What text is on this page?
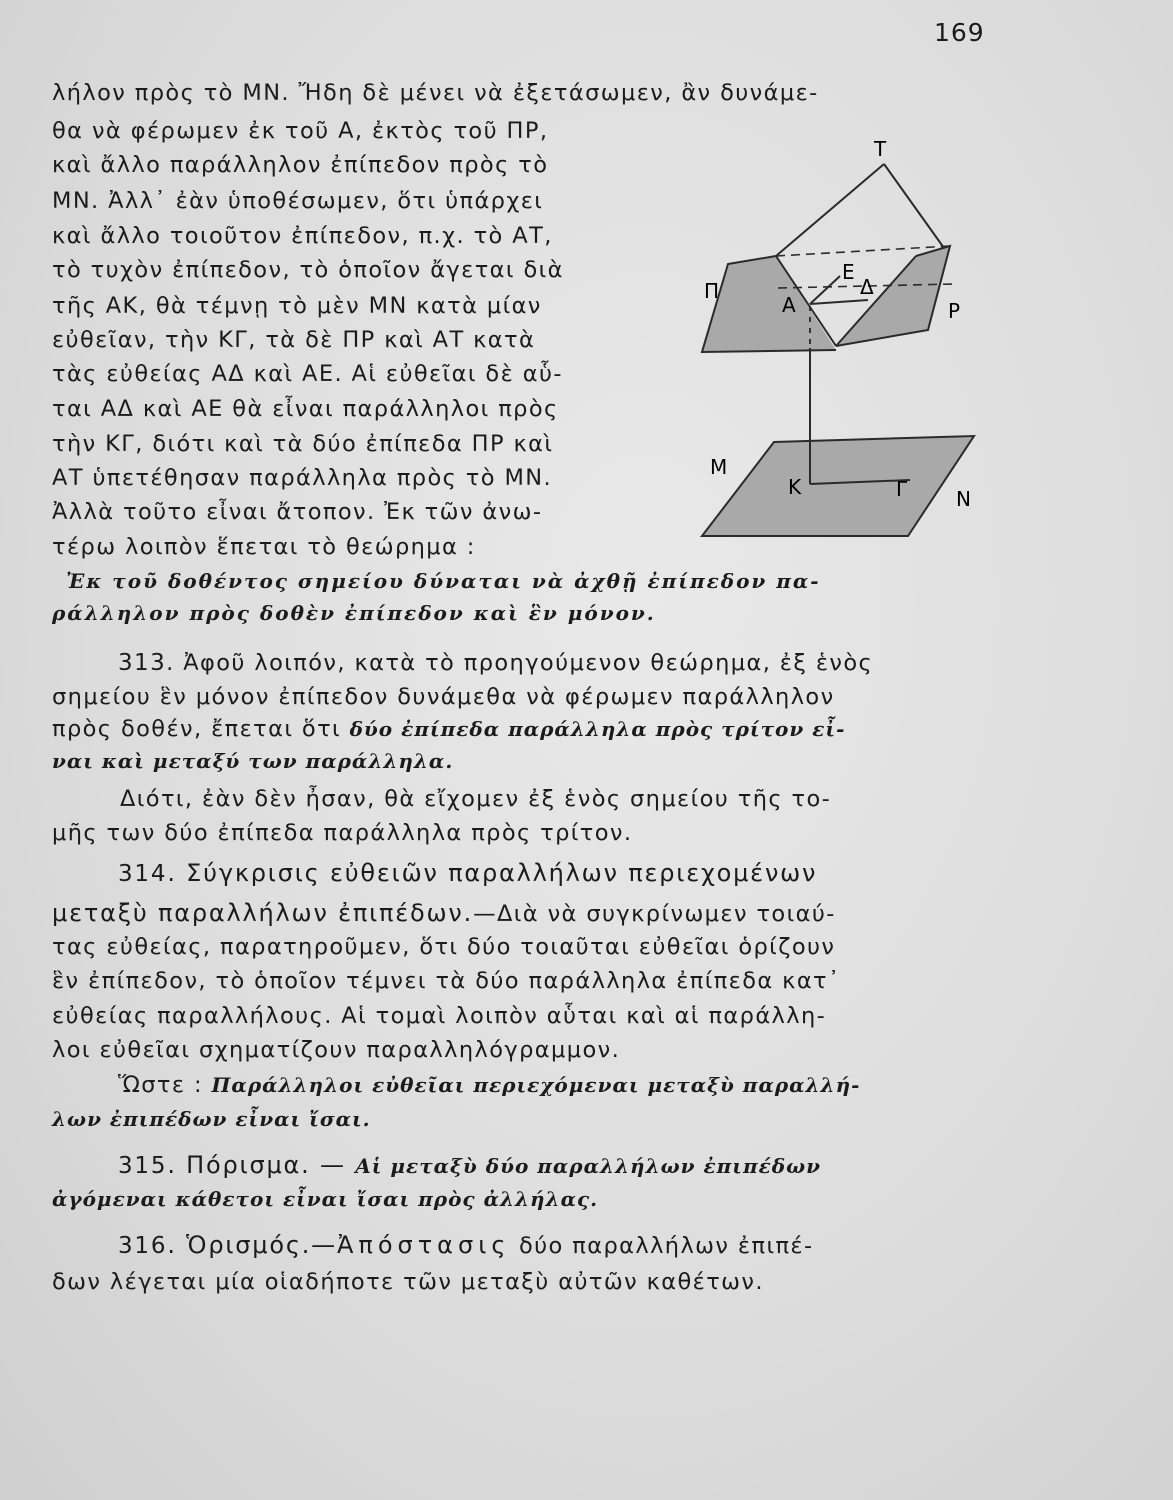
169
λήλον πρὸς τὸ ΜΝ. Ἤδη δὲ μένει νὰ ἐξετάσωμεν, ἂν δυνάμε-
θα νὰ φέρωμεν ἐκ τοῦ Α, ἐκτὸς τοῦ ΠΡ,
καὶ ἄλλο παράλληλον ἐπίπεδον πρὸς τὸ
ΜΝ. Ἀλλ᾽ ἐὰν ὑποθέσωμεν, ὅτι ὑπάρχει
καὶ ἄλλο τοιοῦτον ἐπίπεδον, π.χ. τὸ ΑΤ,
τὸ τυχὸν ἐπίπεδον, τὸ ὁποῖον ἄγεται διὰ
τῆς ΑΚ, θὰ τέμνῃ τὸ μὲν ΜΝ κατὰ μίαν
εὐθεῖαν, τὴν ΚΓ, τὰ δὲ ΠΡ καὶ ΑΤ κατὰ
τὰς εὐθείας ΑΔ καὶ ΑΕ. Αἱ εὐθεῖαι δὲ αὗ-
ται ΑΔ καὶ ΑΕ θὰ εἶναι παράλληλοι πρὸς
τὴν ΚΓ, διότι καὶ τὰ δύο ἐπίπεδα ΠΡ καὶ
ΑΤ ὑπετέθησαν παράλληλα πρὸς τὸ ΜΝ.
Ἀλλὰ τοῦτο εἶναι ἄτοπον. Ἐκ τῶν ἀνω-
τέρω λοιπὸν ἕπεται τὸ θεώρημα :
Ἐκ τοῦ δοθέντος σημείου δύναται νὰ ἀχθῇ ἐπίπεδον πα-
ράλληλον πρὸς δοθὲν ἐπίπεδον καὶ ἓν μόνον.
313. Ἀφοῦ λοιπόν, κατὰ τὸ προηγούμενον θεώρημα, ἐξ ἑνὸς
σημείου ἓν μόνον ἐπίπεδον δυνάμεθα νὰ φέρωμεν παράλληλον
πρὸς δοθέν, ἔπεται ὅτι δύο ἐπίπεδα παράλληλα πρὸς τρίτον εἶ-
ναι καὶ μεταξύ των παράλληλα.
Διότι, ἐὰν δὲν ἦσαν, θὰ εἴχομεν ἐξ ἑνὸς σημείου τῆς το-
μῆς των δύο ἐπίπεδα παράλληλα πρὸς τρίτον.
314. Σύγκρισις εὐθειῶν παραλλήλων περιεχομένων
μεταξὺ παραλλήλων ἐπιπέδων.—Διὰ νὰ συγκρίνωμεν τοιαύ-
τας εὐθείας, παρατηροῦμεν, ὅτι δύο τοιαῦται εὐθεῖαι ὁρίζουν
ἓν ἐπίπεδον, τὸ ὁποῖον τέμνει τὰ δύο παράλληλα ἐπίπεδα κατ᾽
εὐθείας παραλλήλους. Αἱ τομαὶ λοιπὸν αὗται καὶ αἱ παράλλη-
λοι εὐθεῖαι σχηματίζουν παραλληλόγραμμον.
Ὥστε : Παράλληλοι εὐθεῖαι περιεχόμεναι μεταξὺ παραλλή-
λων ἐπιπέδων εἶναι ἴσαι.
315. Πόρισμα. — Αἱ μεταξὺ δύο παραλλήλων ἐπιπέδων
ἀγόμεναι κάθετοι εἶναι ἴσαι πρὸς ἀλλήλας.
316. Ὁρισμός.—Ἀπόστασις δύο παραλλήλων ἐπιπέ-
δων λέγεται μία οἱαδήποτε τῶν μεταξὺ αὐτῶν καθέτων.
Τ
Ε
Δ
Α
Π
Ρ
Μ
Κ	Γ Ν
